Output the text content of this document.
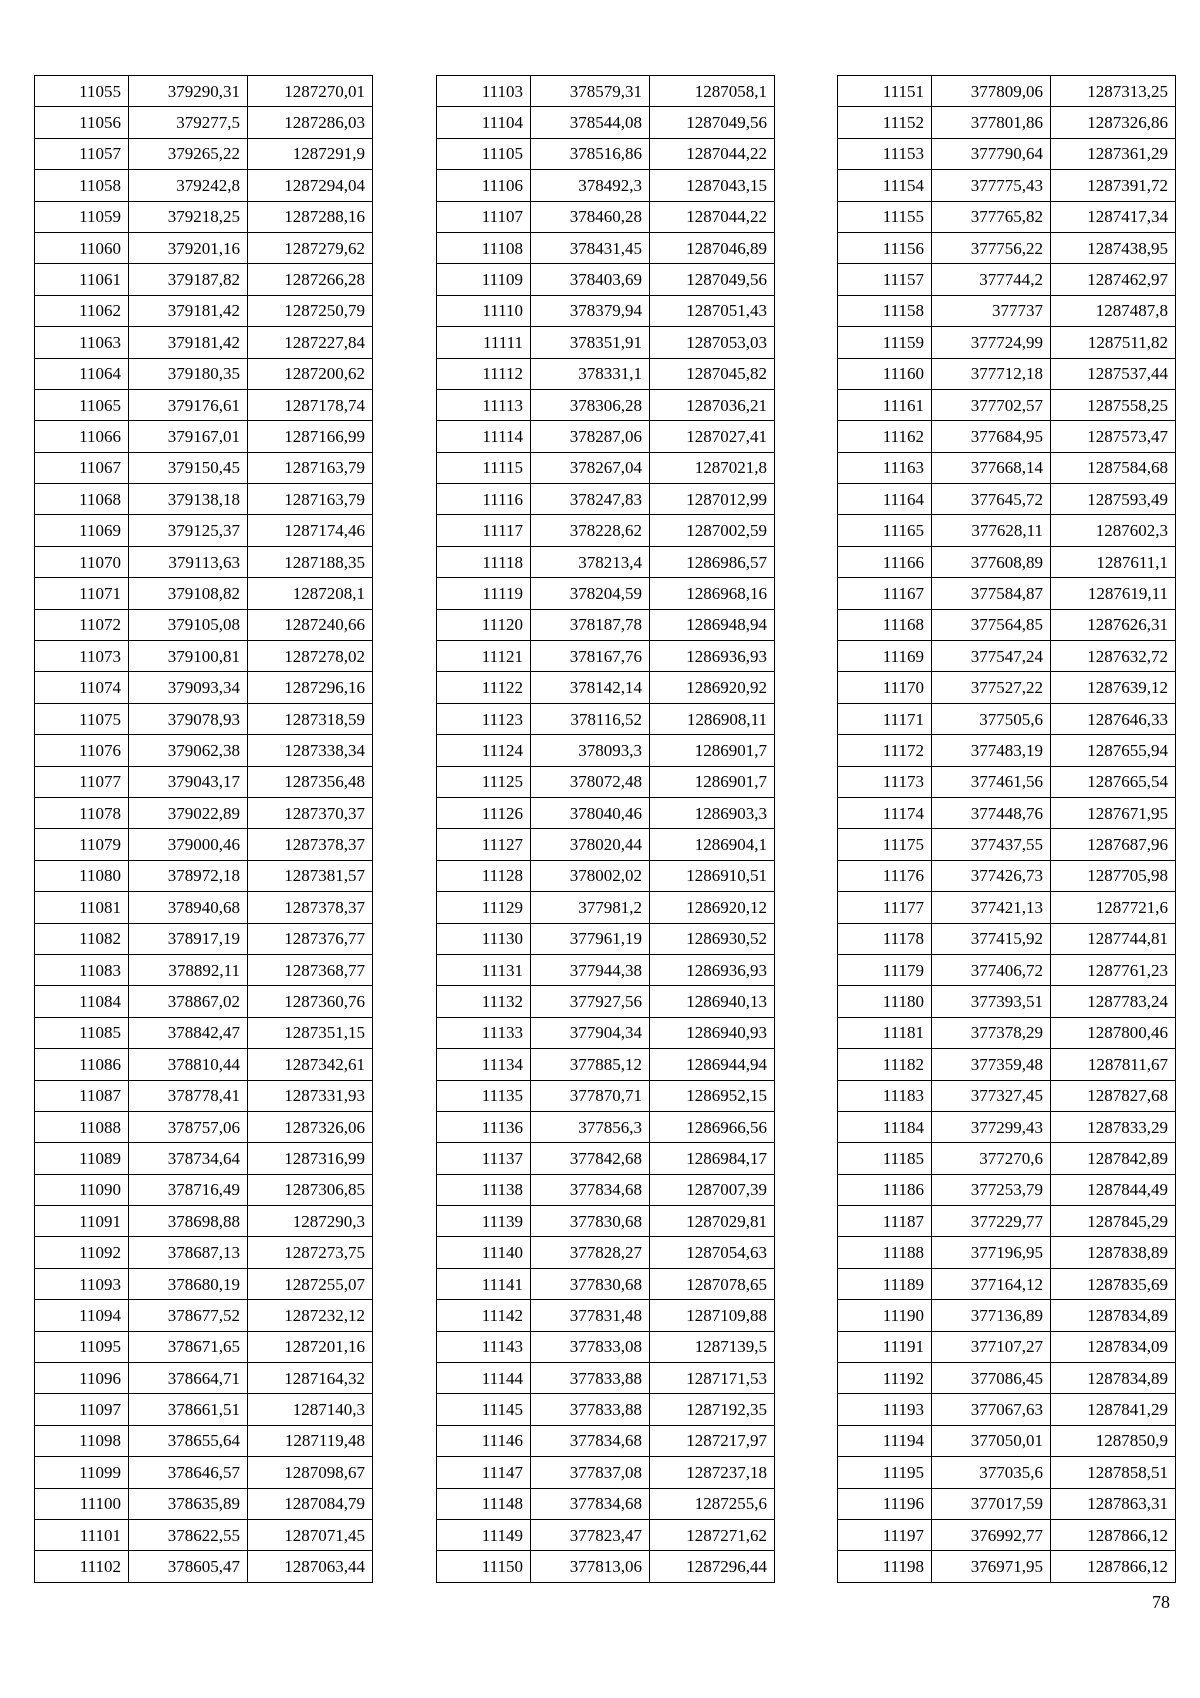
11055	379290,31	1287270,01
11056	379277,5	1287286,03
11057	379265,22	1287291,9
11058	379242,8	1287294,04
11059	379218,25	1287288,16
11060	379201,16	1287279,62
11061	379187,82	1287266,28
11062	379181,42	1287250,79
11063	379181,42	1287227,84
11064	379180,35	1287200,62
11065	379176,61	1287178,74
11066	379167,01	1287166,99
11067	379150,45	1287163,79
11068	379138,18	1287163,79
11069	379125,37	1287174,46
11070	379113,63	1287188,35
11071	379108,82	1287208,1
11072	379105,08	1287240,66
11073	379100,81	1287278,02
11074	379093,34	1287296,16
11075	379078,93	1287318,59
11076	379062,38	1287338,34
11077	379043,17	1287356,48
11078	379022,89	1287370,37
11079	379000,46	1287378,37
11080	378972,18	1287381,57
11081	378940,68	1287378,37
11082	378917,19	1287376,77
11083	378892,11	1287368,77
11084	378867,02	1287360,76
11085	378842,47	1287351,15
11086	378810,44	1287342,61
11087	378778,41	1287331,93
11088	378757,06	1287326,06
11089	378734,64	1287316,99
11090	378716,49	1287306,85
11091	378698,88	1287290,3
11092	378687,13	1287273,75
11093	378680,19	1287255,07
11094	378677,52	1287232,12
11095	378671,65	1287201,16
11096	378664,71	1287164,32
11097	378661,51	1287140,3
11098	378655,64	1287119,48
11099	378646,57	1287098,67
11100	378635,89	1287084,79
11101	378622,55	1287071,45
11102	378605,47	1287063,44
11103	378579,31	1287058,1
11104	378544,08	1287049,56
11105	378516,86	1287044,22
11106	378492,3	1287043,15
11107	378460,28	1287044,22
11108	378431,45	1287046,89
11109	378403,69	1287049,56
11110	378379,94	1287051,43
11111	378351,91	1287053,03
11112	378331,1	1287045,82
11113	378306,28	1287036,21
11114	378287,06	1287027,41
11115	378267,04	1287021,8
11116	378247,83	1287012,99
11117	378228,62	1287002,59
11118	378213,4	1286986,57
11119	378204,59	1286968,16
11120	378187,78	1286948,94
11121	378167,76	1286936,93
11122	378142,14	1286920,92
11123	378116,52	1286908,11
11124	378093,3	1286901,7
11125	378072,48	1286901,7
11126	378040,46	1286903,3
11127	378020,44	1286904,1
11128	378002,02	1286910,51
11129	377981,2	1286920,12
11130	377961,19	1286930,52
11131	377944,38	1286936,93
11132	377927,56	1286940,13
11133	377904,34	1286940,93
11134	377885,12	1286944,94
11135	377870,71	1286952,15
11136	377856,3	1286966,56
11137	377842,68	1286984,17
11138	377834,68	1287007,39
11139	377830,68	1287029,81
11140	377828,27	1287054,63
11141	377830,68	1287078,65
11142	377831,48	1287109,88
11143	377833,08	1287139,5
11144	377833,88	1287171,53
11145	377833,88	1287192,35
11146	377834,68	1287217,97
11147	377837,08	1287237,18
11148	377834,68	1287255,6
11149	377823,47	1287271,62
11150	377813,06	1287296,44
11151	377809,06	1287313,25
11152	377801,86	1287326,86
11153	377790,64	1287361,29
11154	377775,43	1287391,72
11155	377765,82	1287417,34
11156	377756,22	1287438,95
11157	377744,2	1287462,97
11158	377737	1287487,8
11159	377724,99	1287511,82
11160	377712,18	1287537,44
11161	377702,57	1287558,25
11162	377684,95	1287573,47
11163	377668,14	1287584,68
11164	377645,72	1287593,49
11165	377628,11	1287602,3
11166	377608,89	1287611,1
11167	377584,87	1287619,11
11168	377564,85	1287626,31
11169	377547,24	1287632,72
11170	377527,22	1287639,12
11171	377505,6	1287646,33
11172	377483,19	1287655,94
11173	377461,56	1287665,54
11174	377448,76	1287671,95
11175	377437,55	1287687,96
11176	377426,73	1287705,98
11177	377421,13	1287721,6
11178	377415,92	1287744,81
11179	377406,72	1287761,23
11180	377393,51	1287783,24
11181	377378,29	1287800,46
11182	377359,48	1287811,67
11183	377327,45	1287827,68
11184	377299,43	1287833,29
11185	377270,6	1287842,89
11186	377253,79	1287844,49
11187	377229,77	1287845,29
11188	377196,95	1287838,89
11189	377164,12	1287835,69
11190	377136,89	1287834,89
11191	377107,27	1287834,09
11192	377086,45	1287834,89
11193	377067,63	1287841,29
11194	377050,01	1287850,9
11195	377035,6	1287858,51
11196	377017,59	1287863,31
11197	376992,77	1287866,12
11198	376971,95	1287866,12
78
